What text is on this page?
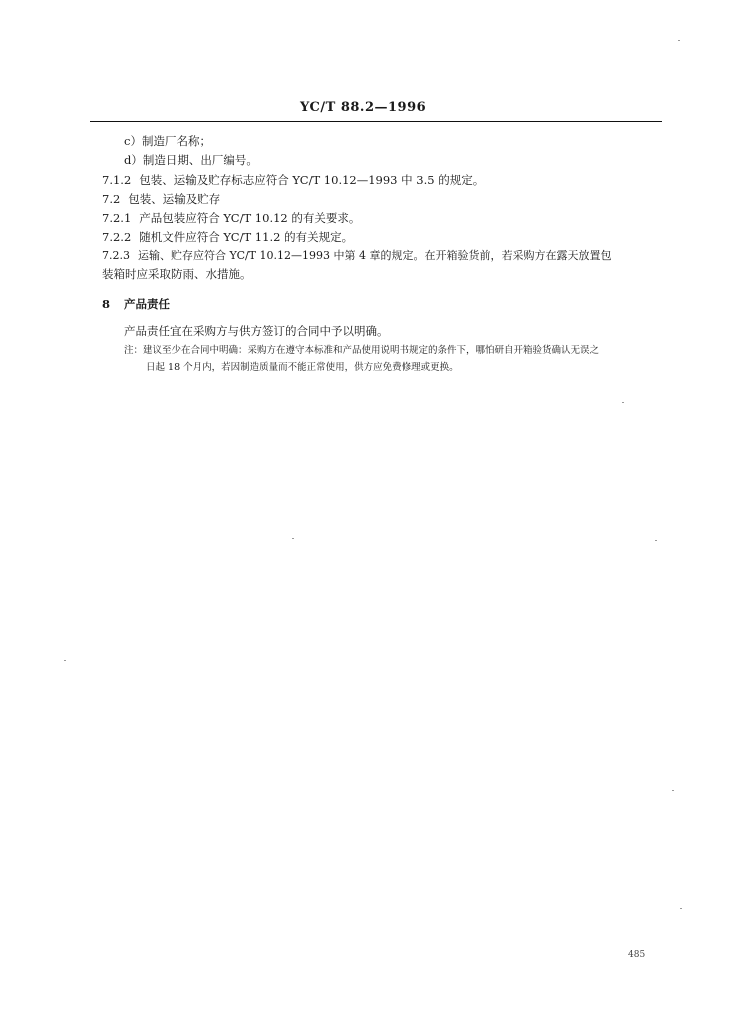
YC/T 88.2—1996
c）制造厂名称；
d）制造日期、出厂编号。
7.1.2 包装、运输及贮存标志应符合 YC/T 10.12—1993 中 3.5 的规定。
7.2 包装、运输及贮存
7.2.1 产品包装应符合 YC/T 10.12 的有关要求。
7.2.2 随机文件应符合 YC/T 11.2 的有关规定。
7.2.3 运输、贮存应符合 YC/T 10.12—1993 中第 4 章的规定。在开箱验货前，若采购方在露天放置包
装箱时应采取防雨、水措施。
8 产品责任
产品责任宜在采购方与供方签订的合同中予以明确。
注：建议至少在合同中明确：采购方在遵守本标准和产品使用说明书规定的条件下，哪怕研自开箱验货确认无误之
日起 18 个月内，若因制造质量而不能正常使用，供方应免费修理或更换。
485
